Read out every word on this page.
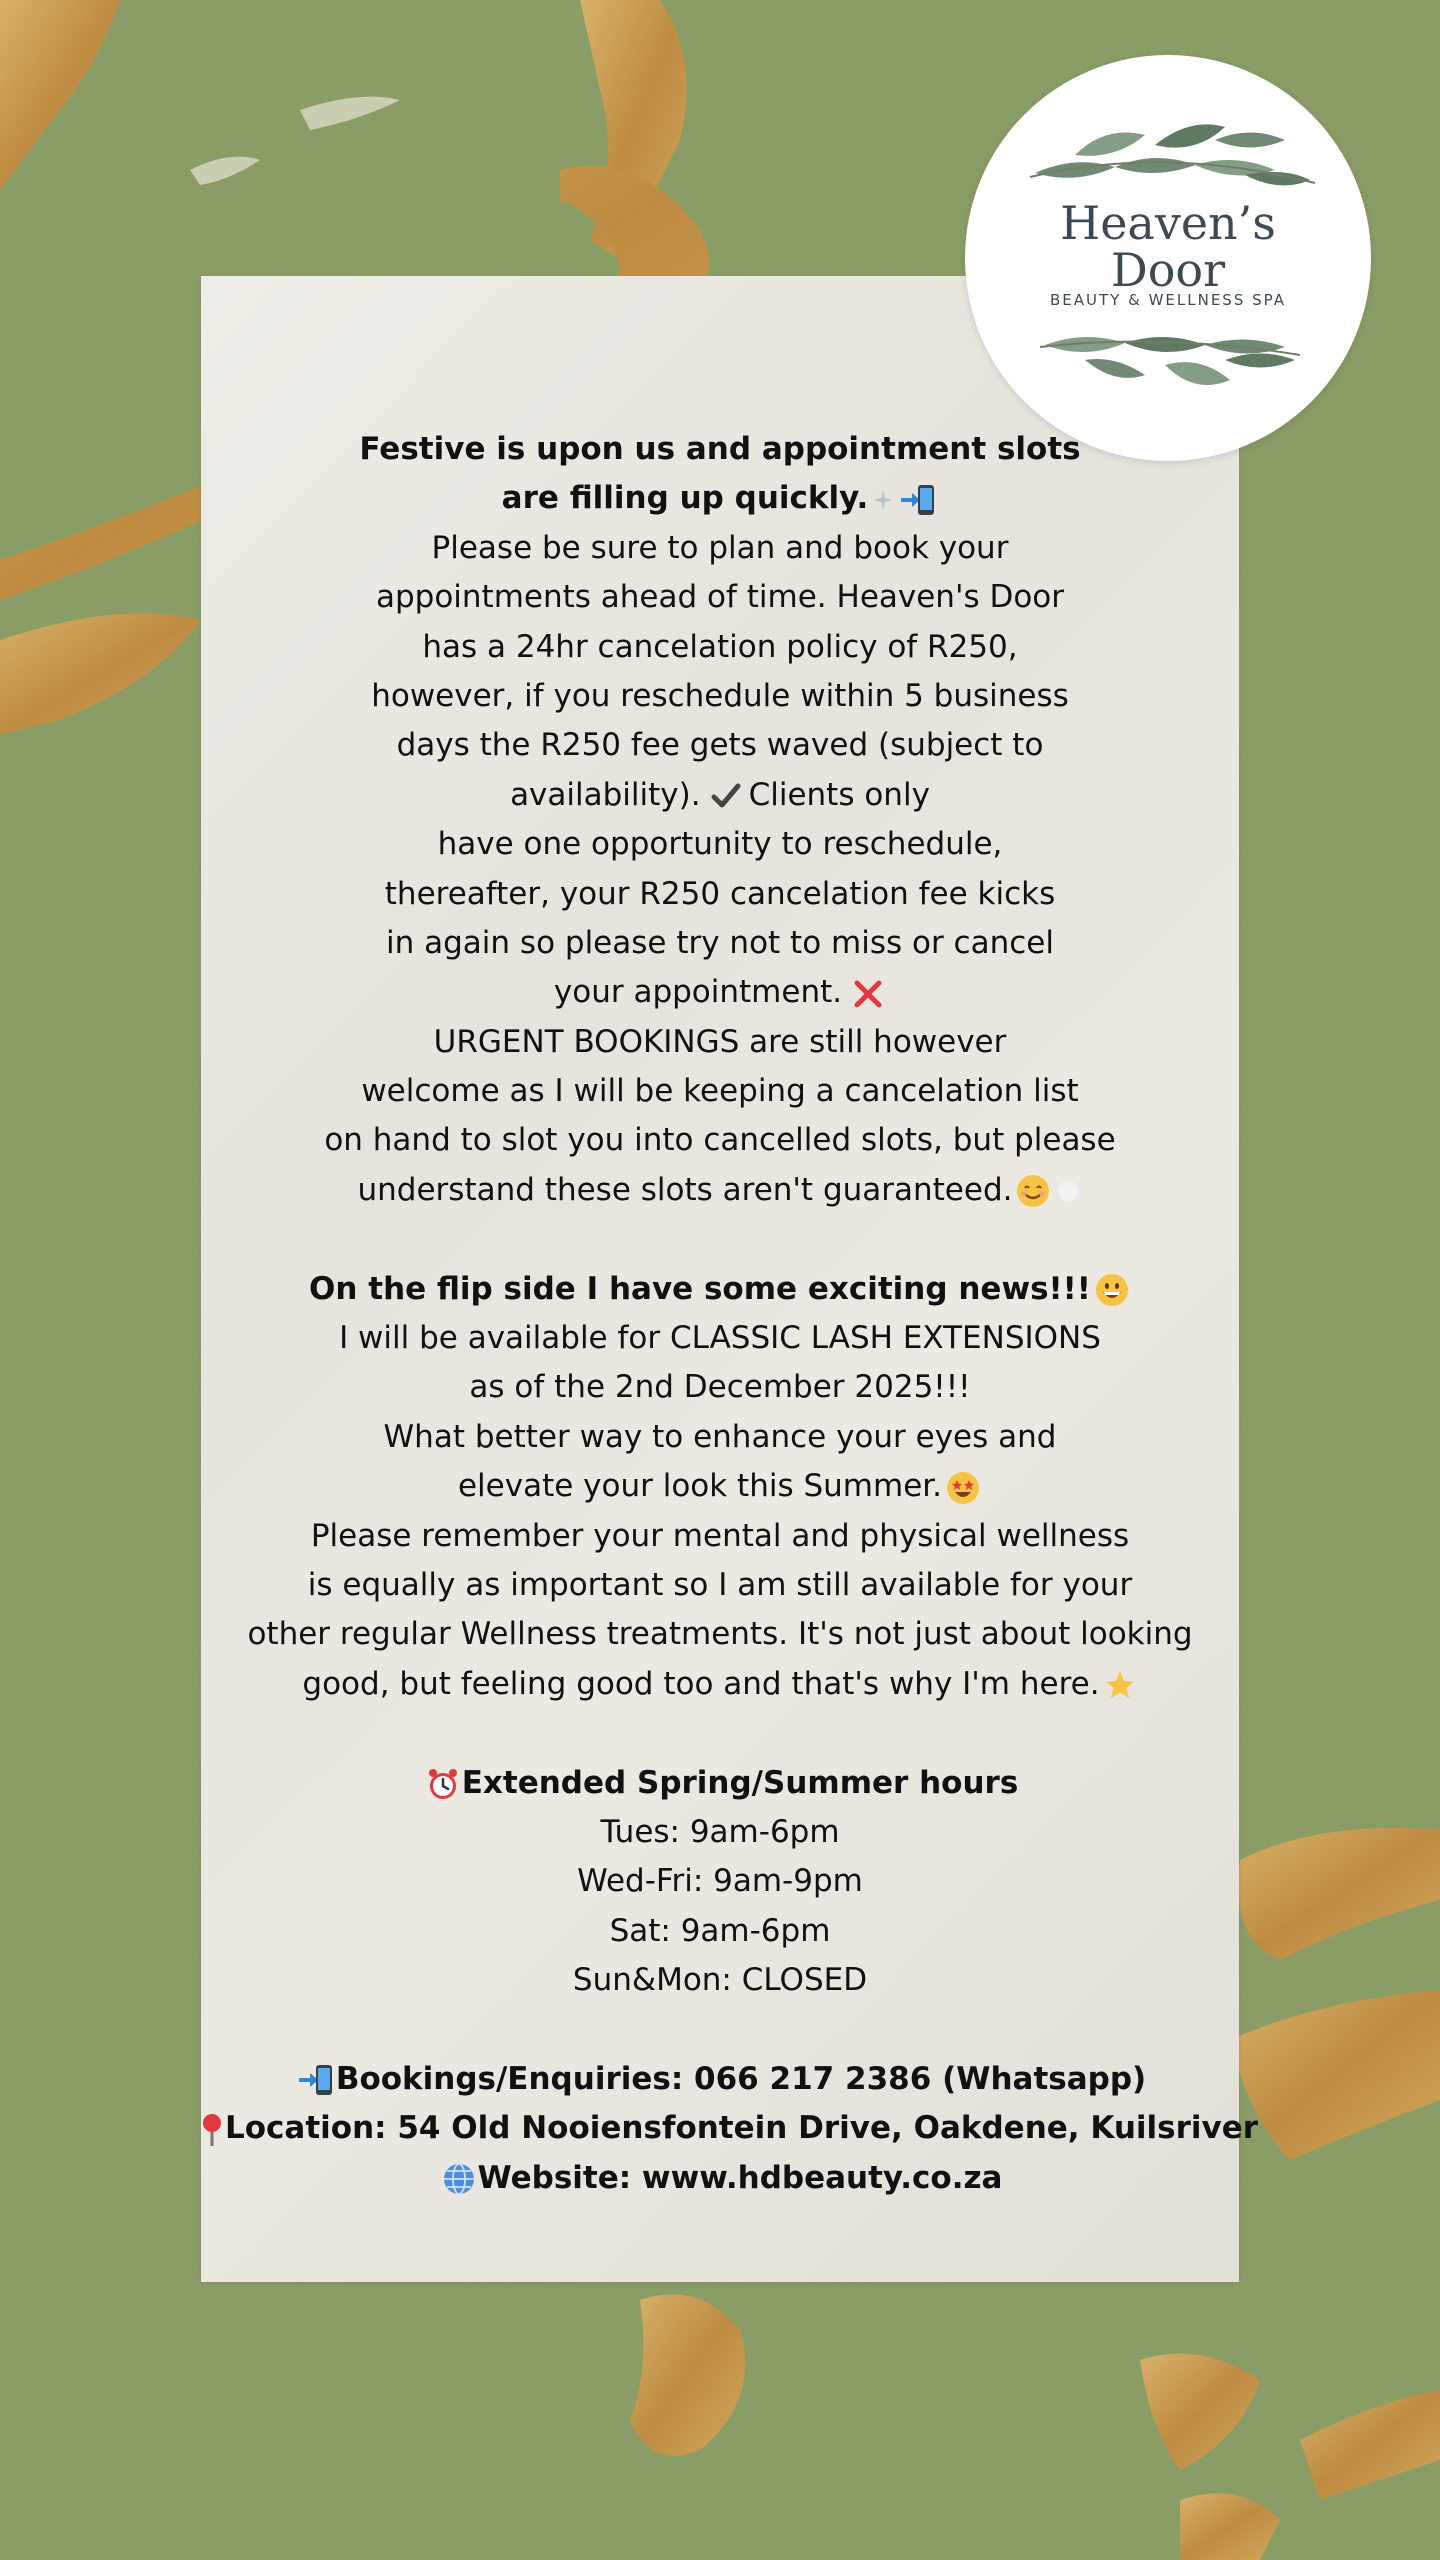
Heaven’s
Door
BEAUTY & WELLNESS SPA
Festive is upon us and appointment slots
are filling up quickly.
Please be sure to plan and book your
appointments ahead of time. Heaven's Door
has a 24hr cancelation policy of R250,
however, if you reschedule within 5 business
days the R250 fee gets waved (subject to
availability). Clients only
have one opportunity to reschedule,
thereafter, your R250 cancelation fee kicks
in again so please try not to miss or cancel
your appointment.
URGENT BOOKINGS are still however
welcome as I will be keeping a cancelation list
on hand to slot you into cancelled slots, but please
understand these slots aren't guaranteed.
On the flip side I have some exciting news!!!
I will be available for CLASSIC LASH EXTENSIONS
as of the 2nd December 2025!!!
What better way to enhance your eyes and
elevate your look this Summer.
Please remember your mental and physical wellness
is equally as important so I am still available for your
other regular Wellness treatments. It's not just about looking
good, but feeling good too and that's why I'm here.
Extended Spring/Summer hours
Tues: 9am-6pm
Wed-Fri: 9am-9pm
Sat: 9am-6pm
Sun&Mon: CLOSED
Bookings/Enquiries: 066 217 2386 (Whatsapp)
Location: 54 Old Nooiensfontein Drive, Oakdene, Kuilsriver
Website: www.hdbeauty.co.za
